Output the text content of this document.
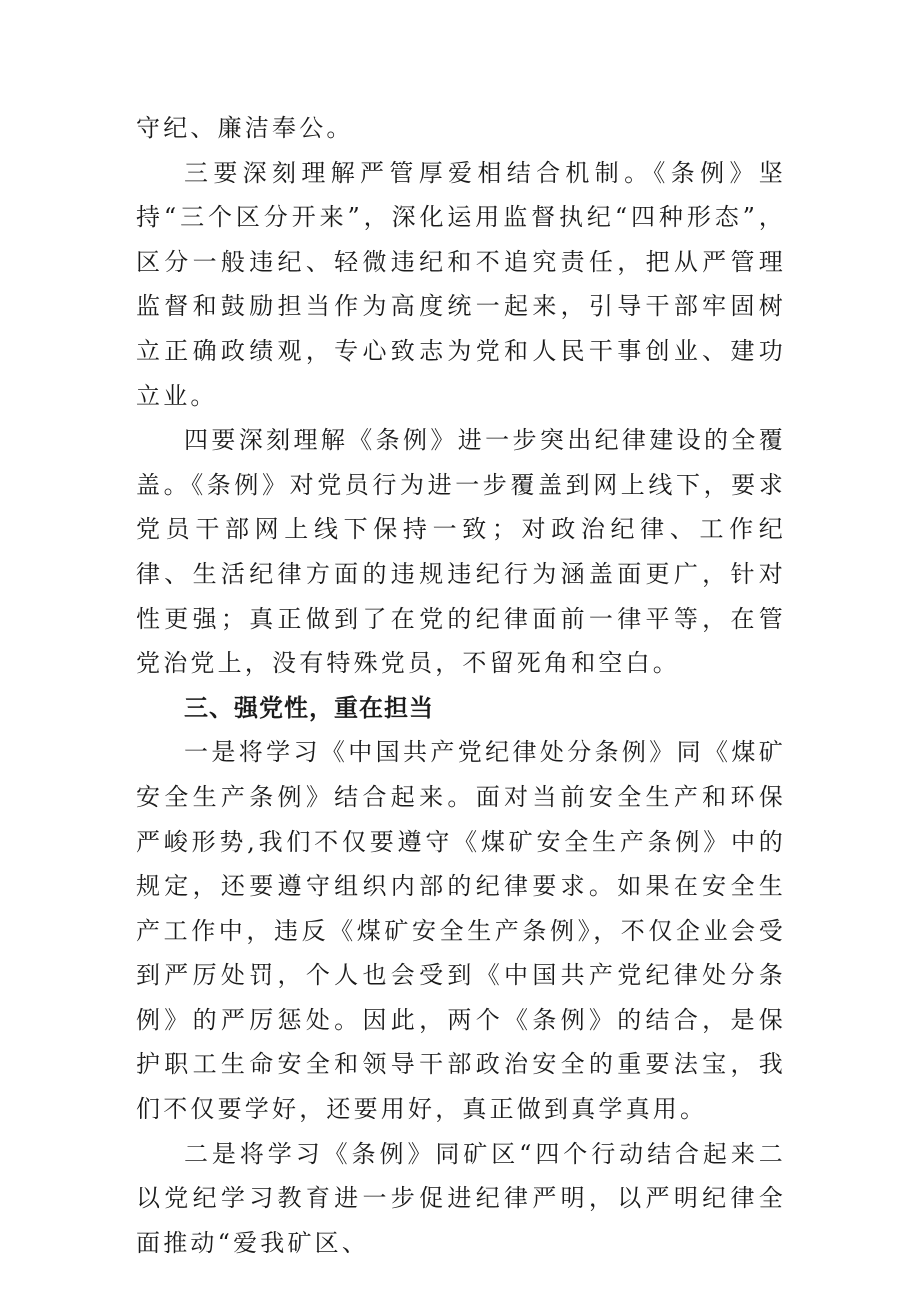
守纪、廉洁奉公。

三要深刻理解严管厚爱相结合机制。《条例》坚持“三个区分开来”，深化运用监督执纪“四种形态”，区分一般违纪、轻微违纪和不追究责任，把从严管理监督和鼓励担当作为高度统一起来，引导干部牢固树立正确政绩观，专心致志为党和人民干事创业、建功立业。

四要深刻理解《条例》进一步突出纪律建设的全覆盖。《条例》对党员行为进一步覆盖到网上线下，要求党员干部网上线下保持一致；对政治纪律、工作纪律、生活纪律方面的违规违纪行为涵盖面更广，针对性更强；真正做到了在党的纪律面前一律平等，在管党治党上，没有特殊党员，不留死角和空白。

三、强党性，重在担当

一是将学习《中国共产党纪律处分条例》同《煤矿安全生产条例》结合起来。面对当前安全生产和环保严峻形势,我们不仅要遵守《煤矿安全生产条例》中的规定，还要遵守组织内部的纪律要求。如果在安全生产工作中，违反《煤矿安全生产条例》，不仅企业会受到严厉处罚，个人也会受到《中国共产党纪律处分条例》的严厉惩处。因此，两个《条例》的结合，是保护职工生命安全和领导干部政治安全的重要法宝，我们不仅要学好，还要用好，真正做到真学真用。

二是将学习《条例》同矿区“四个行动结合起来二以党纪学习教育进一步促进纪律严明，以严明纪律全面推动“爱我矿区、
